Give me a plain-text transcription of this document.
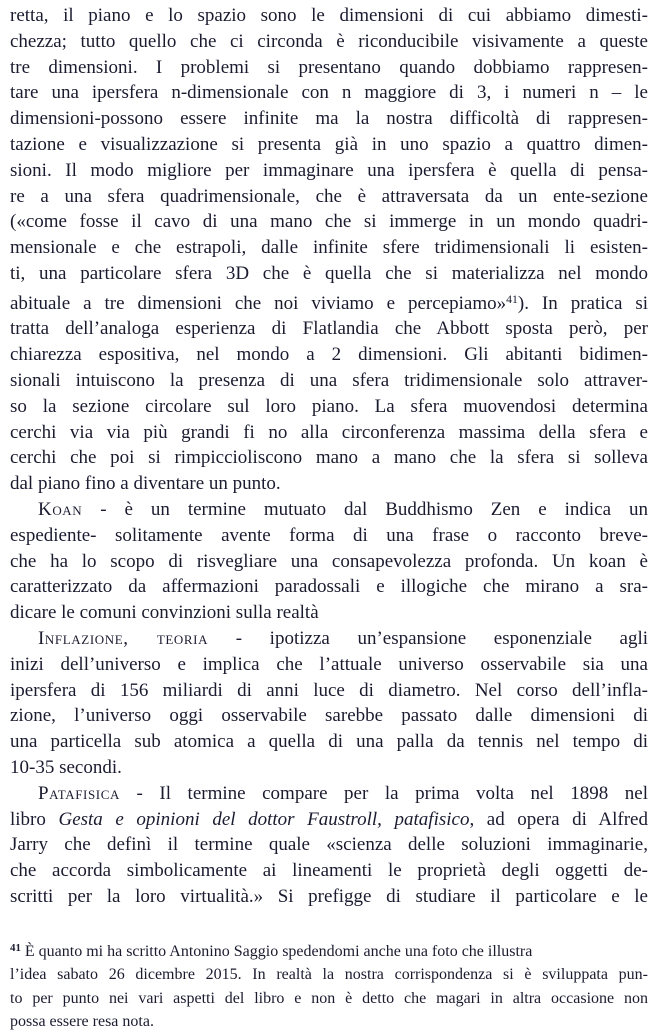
retta, il piano e lo spazio sono le dimensioni di cui abbiamo dimesti-
chezza; tutto quello che ci circonda è riconducibile visivamente a queste
tre dimensioni. I problemi si presentano quando dobbiamo rappresen-
tare una ipersfera n-dimensionale con n maggiore di 3, i numeri n – le
dimensioni-possono essere infinite ma la nostra difficoltà di rappresen-
tazione e visualizzazione si presenta già in uno spazio a quattro dimen-
sioni. Il modo migliore per immaginare una ipersfera è quella di pensa-
re a una sfera quadrimensionale, che è attraversata da un ente-sezione
(«come fosse il cavo di una mano che si immerge in un mondo quadri-
mensionale e che estrapoli, dalle infinite sfere tridimensionali li esisten-
ti, una particolare sfera 3D che è quella che si materializza nel mondo
abituale a tre dimensioni che noi viviamo e percepiamo»$^{41}$). In pratica si
tratta dell’analoga esperienza di Flatlandia che Abbott sposta però, per
chiarezza espositiva, nel mondo a 2 dimensioni. Gli abitanti bidimen-
sionali intuiscono la presenza di una sfera tridimensionale solo attraver-
so la sezione circolare sul loro piano. La sfera muovendosi determina
cerchi via via più grandi fi no alla circonferenza massima della sfera e
cerchi che poi si rimpiccioliscono mano a mano che la sfera si solleva
dal piano fino a diventare un punto.
Koan - è un termine mutuato dal Buddhismo Zen e indica un
espediente- solitamente avente forma di una frase o racconto breve-
che ha lo scopo di risvegliare una consapevolezza profonda. Un koan è
caratterizzato da affermazioni paradossali e illogiche che mirano a sra-
dicare le comuni convinzioni sulla realtà
Inflazione, teoria - ipotizza un’espansione esponenziale agli
inizi dell’universo e implica che l’attuale universo osservabile sia una
ipersfera di 156 miliardi di anni luce di diametro. Nel corso dell’infla-
zione, l’universo oggi osservabile sarebbe passato dalle dimensioni di
una particella sub atomica a quella di una palla da tennis nel tempo di
10-35 secondi.
Patafisica - Il termine compare per la prima volta nel 1898 nel
libro Gesta e opinioni del dottor Faustroll, patafisico, ad opera di Alfred
Jarry che definì il termine quale «scienza delle soluzioni immaginarie,
che accorda simbolicamente ai lineamenti le proprietà degli oggetti de-
scritti per la loro virtualità.» Si prefigge di studiare il particolare e le
$^{41}$ È quanto mi ha scritto Antonino Saggio spedendomi anche una foto che illustra
l’idea sabato 26 dicembre 2015. In realtà la nostra corrispondenza si è sviluppata pun-
to per punto nei vari aspetti del libro e non è detto che magari in altra occasione non
possa essere resa nota.
